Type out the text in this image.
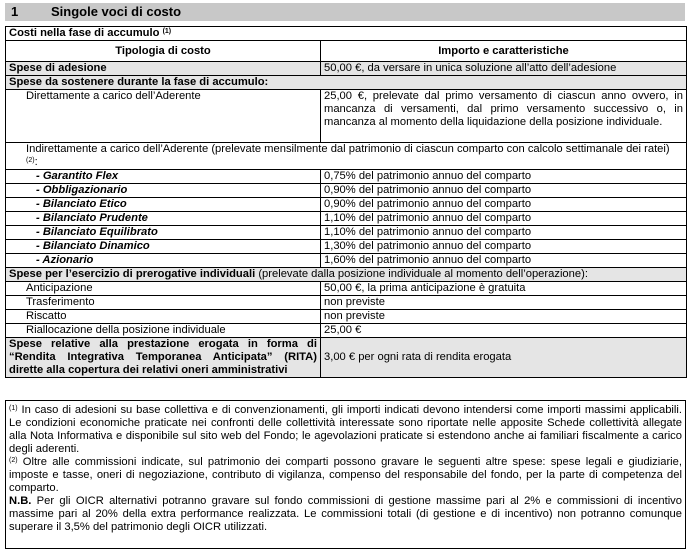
1	Singole voci di costo
Costi nella fase di accumulo $^{(1)}$
Tipologia di costo	Importo e caratteristiche
Spese di adesione	50,00 €, da versare in unica soluzione all’atto dell’adesione
Spese da sostenere durante la fase di accumulo:	
Direttamente a carico dell’Aderente	25,00 €, prelevate dal primo versamento di ciascun anno ovvero, in mancanza di versamenti, dal primo versamento successivo o, in mancanza al momento della liquidazione della posizione individuale.
Indirettamente a carico dell’Aderente (prelevate mensilmente dal patrimonio di ciascun comparto con calcolo settimanale dei ratei) $^{(2)}$:	
- Garantito Flex	0,75% del patrimonio annuo del comparto
- Obbligazionario	0,90% del patrimonio annuo del comparto
- Bilanciato Etico	0,90% del patrimonio annuo del comparto
- Bilanciato Prudente	1,10% del patrimonio annuo del comparto
- Bilanciato Equilibrato	1,10% del patrimonio annuo del comparto
- Bilanciato Dinamico	1,30% del patrimonio annuo del comparto
- Azionario	1,60% del patrimonio annuo del comparto
Spese per l’esercizio di prerogative individuali (prelevate dalla posizione individuale al momento dell’operazione):	
Anticipazione	50,00 €, la prima anticipazione è gratuita
Trasferimento	non previste
Riscatto	non previste
Riallocazione della posizione individuale	25,00 €
Spese relative alla prestazione erogata in forma di “Rendita Integrativa Temporanea Anticipata” (RITA) dirette alla copertura dei relativi oneri amministrativi	3,00 € per ogni rata di rendita erogata

$^{(1)}$ In caso di adesioni su base collettiva e di convenzionamenti, gli importi indicati devono intendersi come importi massimi applicabili. Le condizioni economiche praticate nei confronti delle collettività interessate sono riportate nelle apposite Schede collettività allegate alla Nota Informativa e disponibile sul sito web del Fondo; le agevolazioni praticate si estendono anche ai familiari fiscalmente a carico degli aderenti.

$^{(2)}$ Oltre alle commissioni indicate, sul patrimonio dei comparti possono gravare le seguenti altre spese: spese legali e giudiziarie, imposte e tasse, oneri di negoziazione, contributo di vigilanza, compenso del responsabile del fondo, per la parte di competenza del comparto.

N.B. Per gli OICR alternativi potranno gravare sul fondo commissioni di gestione massime pari al 2% e commissioni di incentivo massime pari al 20% della extra performance realizzata. Le commissioni totali (di gestione e di incentivo) non potranno comunque superare il 3,5% del patrimonio degli OICR utilizzati.
